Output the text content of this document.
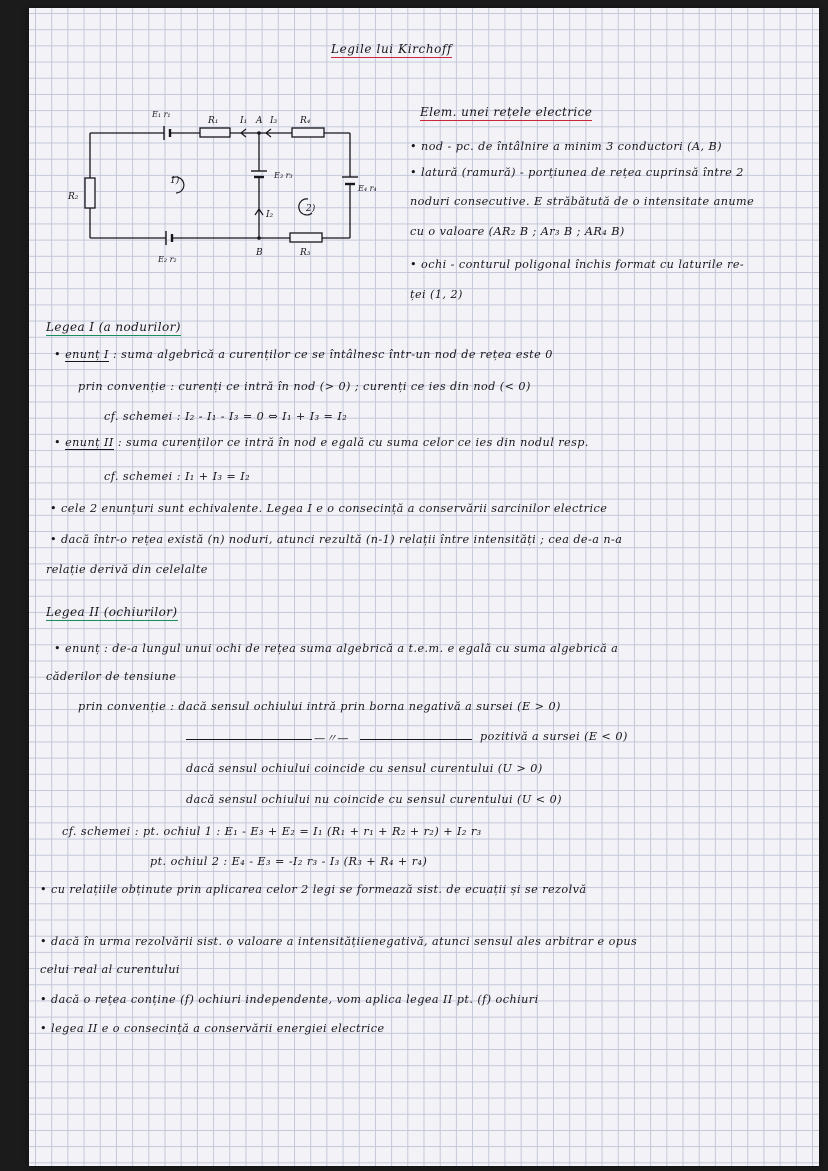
Legile lui Kirchoff
E₁ r₁
R₁ I₁ A I₃	R₄
R₂
1)
E₃ r₃
E₄ r₄
I₂
2)
B	R₃
E₂ r₂
Elem. unei rețele electrice
• nod - pc. de întâlnire a minim 3 conductori (A, B)
• latură (ramură) - porțiunea de rețea cuprinsă între 2
noduri consecutive. E străbătută de o intensitate anume
cu o valoare (AR₂ B ; Ar₃ B ; AR₄ B)
• ochi - conturul poligonal închis format cu laturile re-
ței (1, 2)
Legea I (a nodurilor)
• enunț I : suma algebrică a curenților ce se întâlnesc într-un nod de rețea este 0
prin convenție : curenți ce intră în nod (> 0) ; curenți ce ies din nod (< 0)
cf. schemei : I₂ - I₁ - I₃ = 0 ⇔ I₁ + I₃ = I₂
• enunț II : suma curenților ce intră în nod e egală cu suma celor ce ies din nodul resp.
cf. schemei : I₁ + I₃ = I₂
• cele 2 enunțuri sunt echivalente. Legea I e o consecință a conservării sarcinilor electrice
• dacă într-o rețea există (n) noduri, atunci rezultă (n-1) relații între intensități ; cea de-a n-a
relație derivă din celelalte
Legea II (ochiurilor)
• enunț : de-a lungul unui ochi de rețea suma algebrică a t.e.m. e egală cu suma algebrică a
căderilor de tensiune
prin convenție : dacă sensul ochiului intră prin borna negativă a sursei (E > 0)
—〃—	pozitivă a sursei (E < 0)
dacă sensul ochiului coincide cu sensul curentului (U > 0)
dacă sensul ochiului nu coincide cu sensul curentului (U < 0)
cf. schemei : pt. ochiul 1 : E₁ - E₃ + E₂ = I₁ (R₁ + r₁ + R₂ + r₂) + I₂ r₃
pt. ochiul 2 : E₄ - E₃ = -I₂ r₃ - I₃ (R₃ + R₄ + r₄)
• cu relațiile obținute prin aplicarea celor 2 legi se formează sist. de ecuații și se rezolvă
• dacă în urma rezolvării sist. o valoare a intensitățiienegativă, atunci sensul ales arbitrar e opus
celui real al curentului
• dacă o rețea conține (f) ochiuri independente, vom aplica legea II pt. (f) ochiuri
• legea II e o consecință a conservării energiei electrice
